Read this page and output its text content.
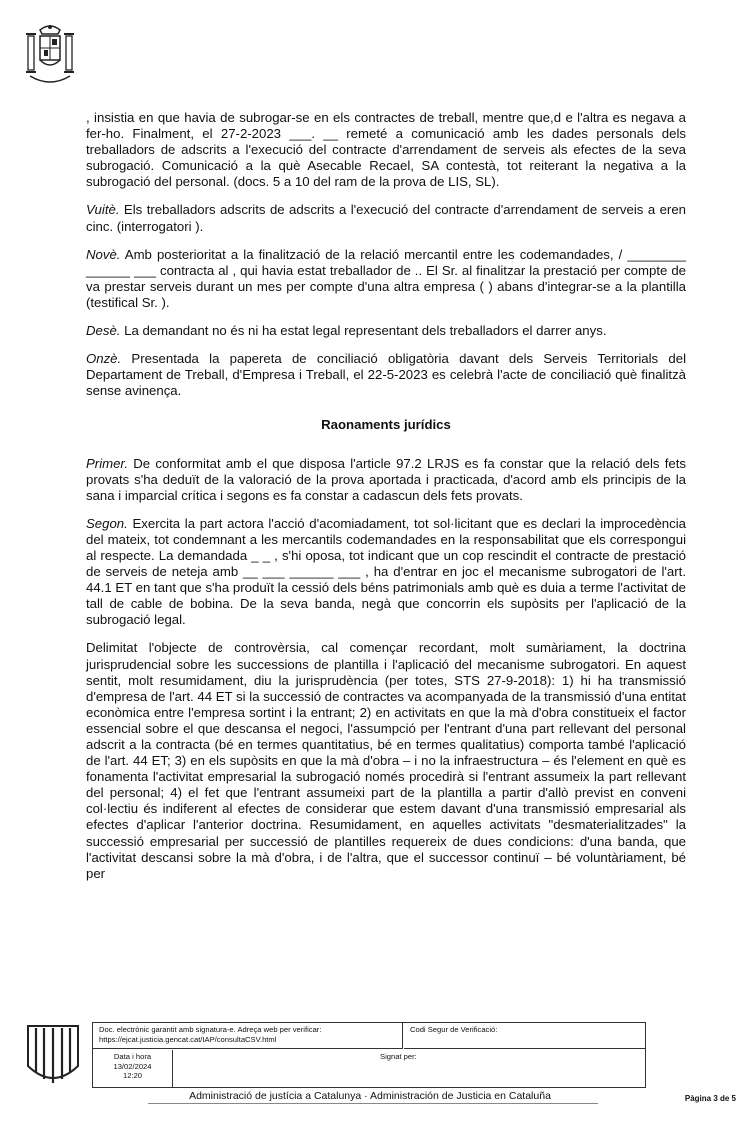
, insistia en que havia de subrogar-se en els contractes de treball, mentre que,d e l'altra es negava a fer-ho. Finalment, el 27-2-2023 ___. __ remeté a comunicació amb les dades personals dels treballadors de adscrits a l'execució del contracte d'arrendament de serveis als efectes de la seva subrogació. Comunicació a la què Asecable Recael, SA contestà, tot reiterant la negativa a la subrogació del personal. (docs. 5 a 10 del ram de la prova de LIS, SL).

Vuitè. Els treballadors adscrits de adscrits a l'execució del contracte d'arrendament de serveis a eren cinc. (interrogatori ).

Novè. Amb posterioritat a la finalització de la relació mercantil entre les codemandades, / ________ ______ ___ contracta al , qui havia estat treballador de .. El Sr. al finalitzar la prestació per compte de va prestar serveis durant un mes per compte d'una altra empresa ( ) abans d'integrar-se a la plantilla (testifical Sr. ).

Desè. La demandant no és ni ha estat legal representant dels treballadors el darrer anys.

Onzè. Presentada la papereta de conciliació obligatòria davant dels Serveis Territorials del Departament de Treball, d'Empresa i Treball, el 22-5-2023 es celebrà l'acte de conciliació què finalitzà sense avinença.

Raonaments jurídics

Primer. De conformitat amb el que disposa l'article 97.2 LRJS es fa constar que la relació dels fets provats s'ha deduït de la valoració de la prova aportada i practicada, d'acord amb els principis de la sana i imparcial crítica i segons es fa constar a cadascun dels fets provats.

Segon. Exercita la part actora l'acció d'acomiadament, tot sol·licitant que es declari la improcedència del mateix, tot condemnant a les mercantils codemandades en la responsabilitat que els correspongui al respecte. La demandada _ _ , s'hi oposa, tot indicant que un cop rescindit el contracte de prestació de serveis de neteja amb __ ___ ______ ___ , ha d'entrar en joc el mecanisme subrogatori de l'art. 44.1 ET en tant que s'ha produït la cessió dels béns patrimonials amb què es duia a terme l'activitat de tall de cable de bobina. De la seva banda, negà que concorrin els supòsits per l'aplicació de la subrogació legal.

Delimitat l'objecte de controvèrsia, cal començar recordant, molt sumàriament, la doctrina jurisprudencial sobre les successions de plantilla i l'aplicació del mecanisme subrogatori. En aquest sentit, molt resumidament, diu la jurisprudència (per totes, STS 27-9-2018): 1) hi ha transmissió d'empresa de l'art. 44 ET si la successió de contractes va acompanyada de la transmissió d'una entitat econòmica entre l'empresa sortint i la entrant; 2) en activitats en que la mà d'obra constitueix el factor essencial sobre el que descansa el negoci, l'assumpció per l'entrant d'una part rellevant del personal adscrit a la contracta (bé en termes quantitatius, bé en termes qualitatius) comporta també l'aplicació de l'art. 44 ET; 3) en els supòsits en que la mà d'obra – i no la infraestructura – és l'element en què es fonamenta l'activitat empresarial la subrogació només procedirà si l'entrant assumeix la part rellevant del personal; 4) el fet que l'entrant assumeixi part de la plantilla a partir d'allò previst en conveni col·lectiu és indiferent al efectes de considerar que estem davant d'una transmissió empresarial als efectes d'aplicar l'anterior doctrina. Resumidament, en aquelles activitats "desmaterialitzades" la successió empresarial per successió de plantilles requereix de dues condicions: d'una banda, que l'activitat descansi sobre la mà d'obra, i de l'altra, que el successor continuï – bé voluntàriament, bé per

Doc. electrònic garantit amb signatura-e. Adreça web per verificar:
https://ejcat.justicia.gencat.cat/IAP/consultaCSV.html
Codi Segur de Verificació:
Data i hora
13/02/2024
12:20
Signat per:
Administració de justícia a Catalunya · Administración de Justicia en Cataluña	Pàgina 3 de 5
